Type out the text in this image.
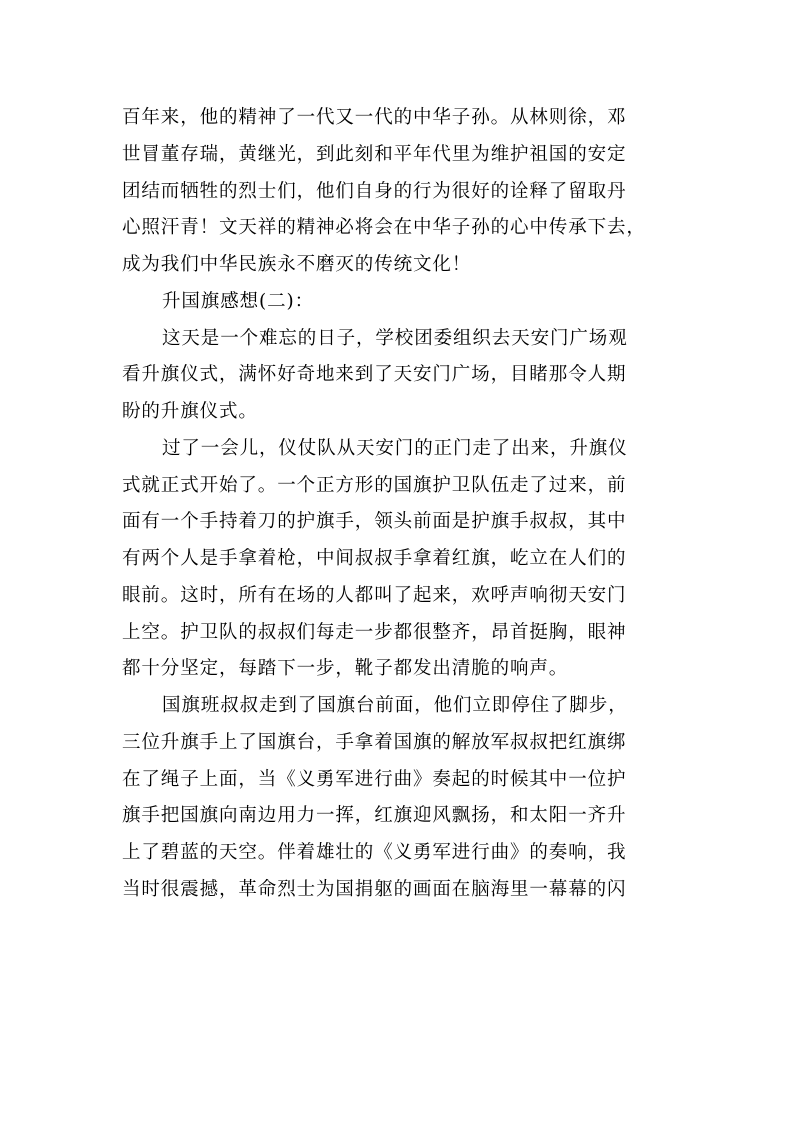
百年来，他的精神了一代又一代的中华子孙。从林则徐，邓
世冒董存瑞，黄继光，到此刻和平年代里为维护祖国的安定
团结而牺牲的烈士们，他们自身的行为很好的诠释了留取丹
心照汗青！文天祥的精神必将会在中华子孙的心中传承下去，
成为我们中华民族永不磨灭的传统文化！
升国旗感想(二)：
这天是一个难忘的日子，学校团委组织去天安门广场观
看升旗仪式，满怀好奇地来到了天安门广场，目睹那令人期
盼的升旗仪式。
过了一会儿，仪仗队从天安门的正门走了出来，升旗仪
式就正式开始了。一个正方形的国旗护卫队伍走了过来，前
面有一个手持着刀的护旗手，领头前面是护旗手叔叔，其中
有两个人是手拿着枪，中间叔叔手拿着红旗，屹立在人们的
眼前。这时，所有在场的人都叫了起来，欢呼声响彻天安门
上空。护卫队的叔叔们每走一步都很整齐，昂首挺胸，眼神
都十分坚定，每踏下一步，靴子都发出清脆的响声。
国旗班叔叔走到了国旗台前面，他们立即停住了脚步，
三位升旗手上了国旗台，手拿着国旗的解放军叔叔把红旗绑
在了绳子上面，当《义勇军进行曲》奏起的时候其中一位护
旗手把国旗向南边用力一挥，红旗迎风飘扬，和太阳一齐升
上了碧蓝的天空。伴着雄壮的《义勇军进行曲》的奏响，我
当时很震撼，革命烈士为国捐躯的画面在脑海里一幕幕的闪
